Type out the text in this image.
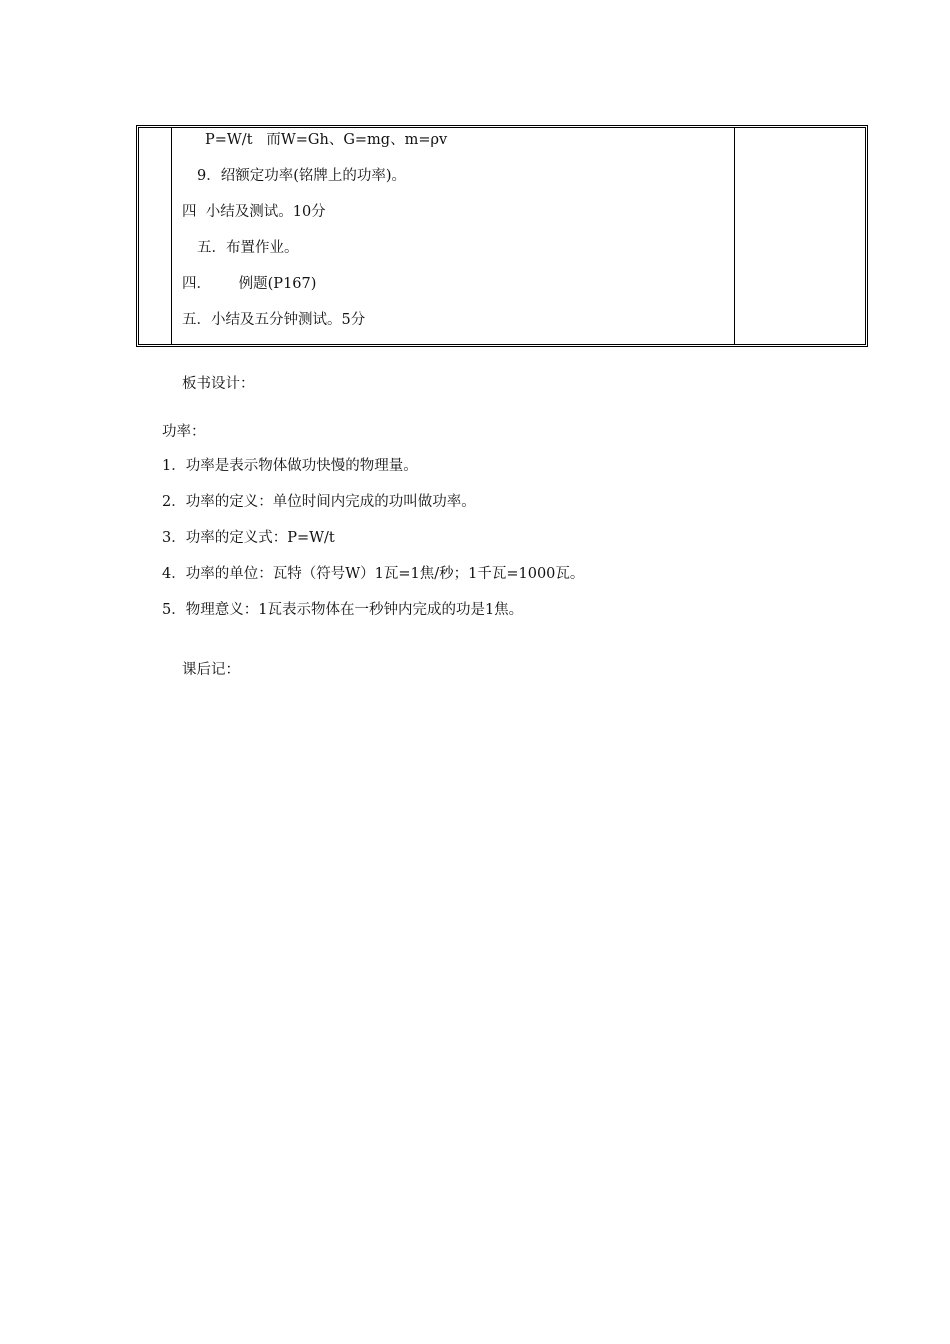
P=W/t   而W=Gh、G=mg、m=ρv
9．绍额定功率(铭牌上的功率)。
四  小结及测试。10分
五．布置作业。
四．      例题(P167)
五．小结及五分钟测试。5分
板书设计：
功率：
1．功率是表示物体做功快慢的物理量。
2．功率的定义：单位时间内完成的功叫做功率。
3．功率的定义式：P=W/t
4．功率的单位：瓦特（符号W）1瓦=1焦/秒；1千瓦=1000瓦。
5．物理意义：1瓦表示物体在一秒钟内完成的功是1焦。
课后记：
